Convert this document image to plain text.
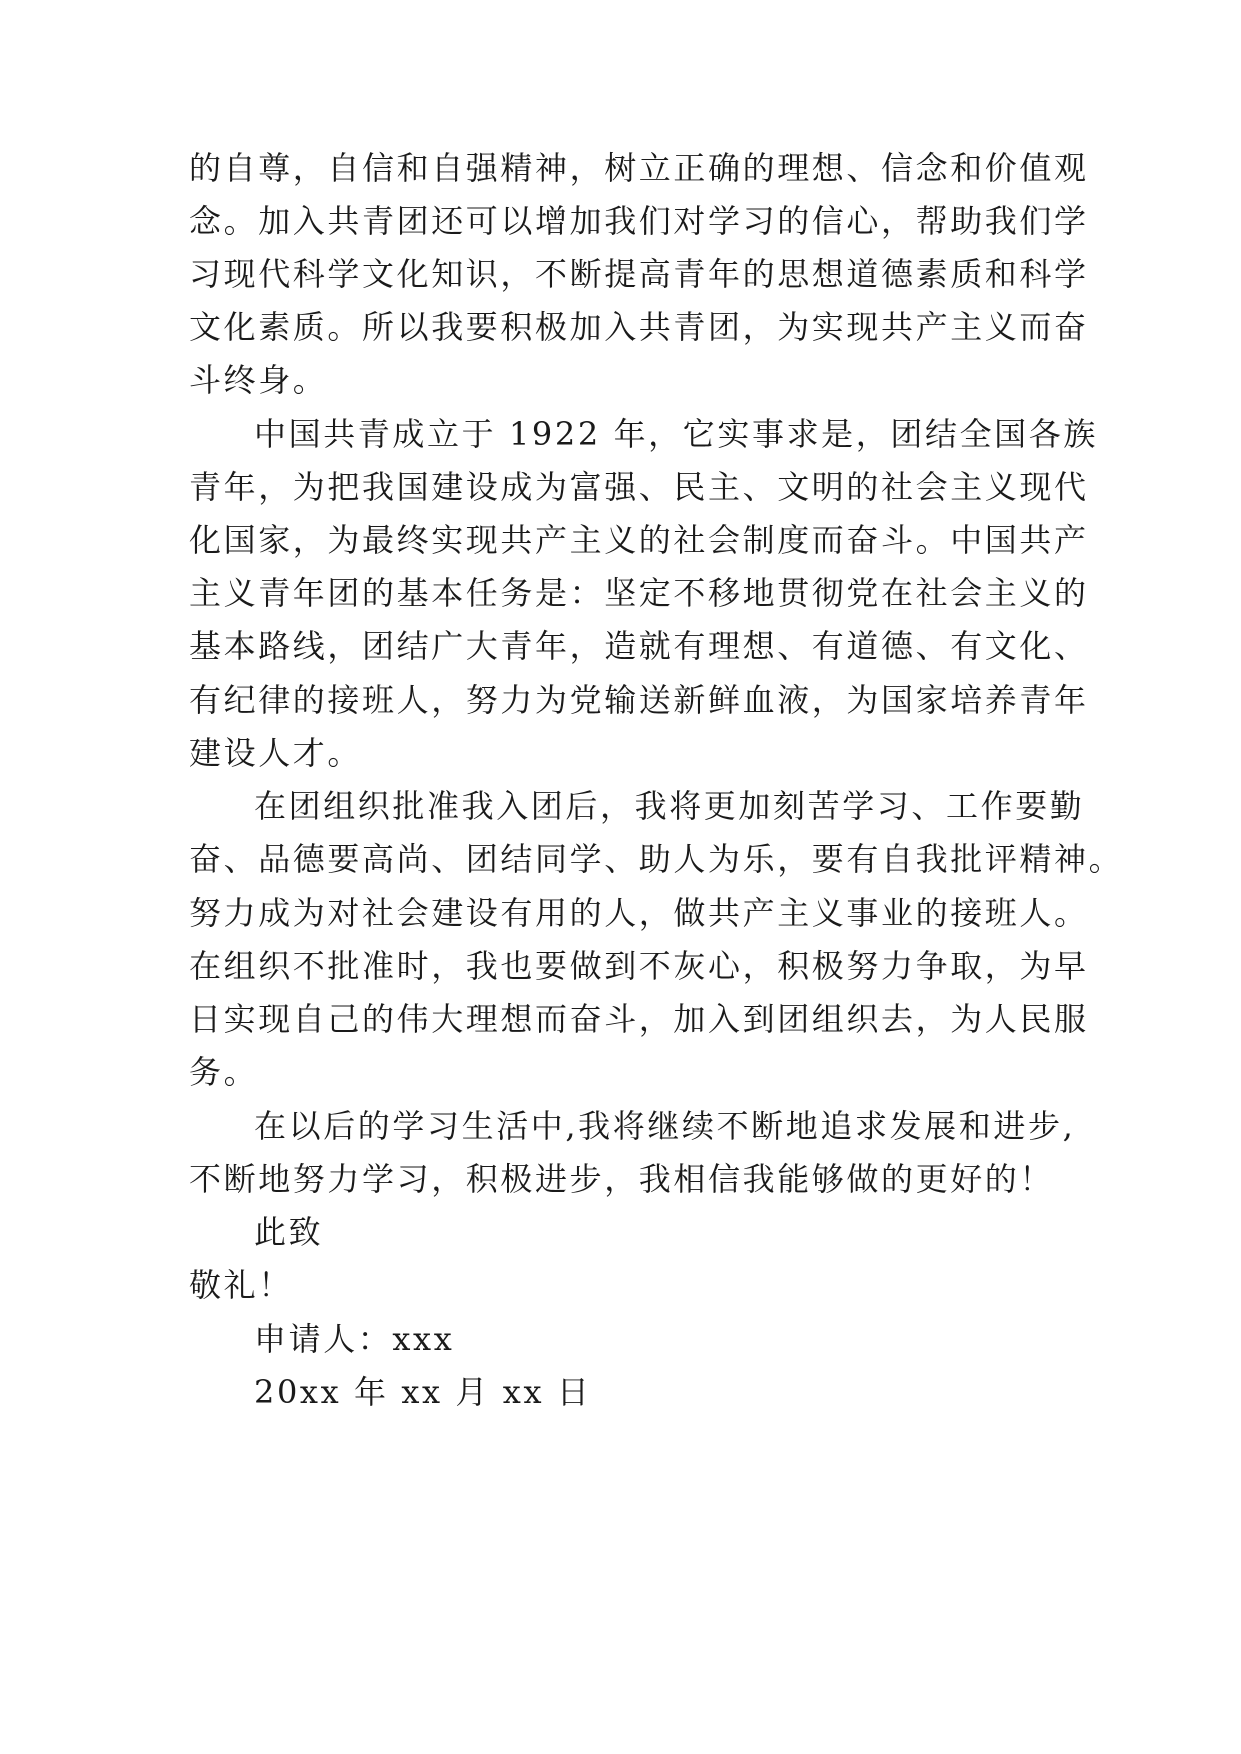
的自尊，自信和自强精神，树立正确的理想、信念和价值观
念。加入共青团还可以增加我们对学习的信心，帮助我们学
习现代科学文化知识，不断提高青年的思想道德素质和科学
文化素质。所以我要积极加入共青团，为实现共产主义而奋
斗终身。
中国共青成立于 1922 年，它实事求是，团结全国各族
青年，为把我国建设成为富强、民主、文明的社会主义现代
化国家，为最终实现共产主义的社会制度而奋斗。中国共产
主义青年团的基本任务是：坚定不移地贯彻党在社会主义的
基本路线，团结广大青年，造就有理想、有道德、有文化、
有纪律的接班人，努力为党输送新鲜血液，为国家培养青年
建设人才。
在团组织批准我入团后，我将更加刻苦学习、工作要勤
奋、品德要高尚、团结同学、助人为乐，要有自我批评精神。
努力成为对社会建设有用的人，做共产主义事业的接班人。
在组织不批准时，我也要做到不灰心，积极努力争取，为早
日实现自己的伟大理想而奋斗，加入到团组织去，为人民服
务。
在以后的学习生活中,我将继续不断地追求发展和进步,
不断地努力学习，积极进步，我相信我能够做的更好的！
此致
敬礼！
申请人：xxx
20xx 年 xx 月 xx 日
